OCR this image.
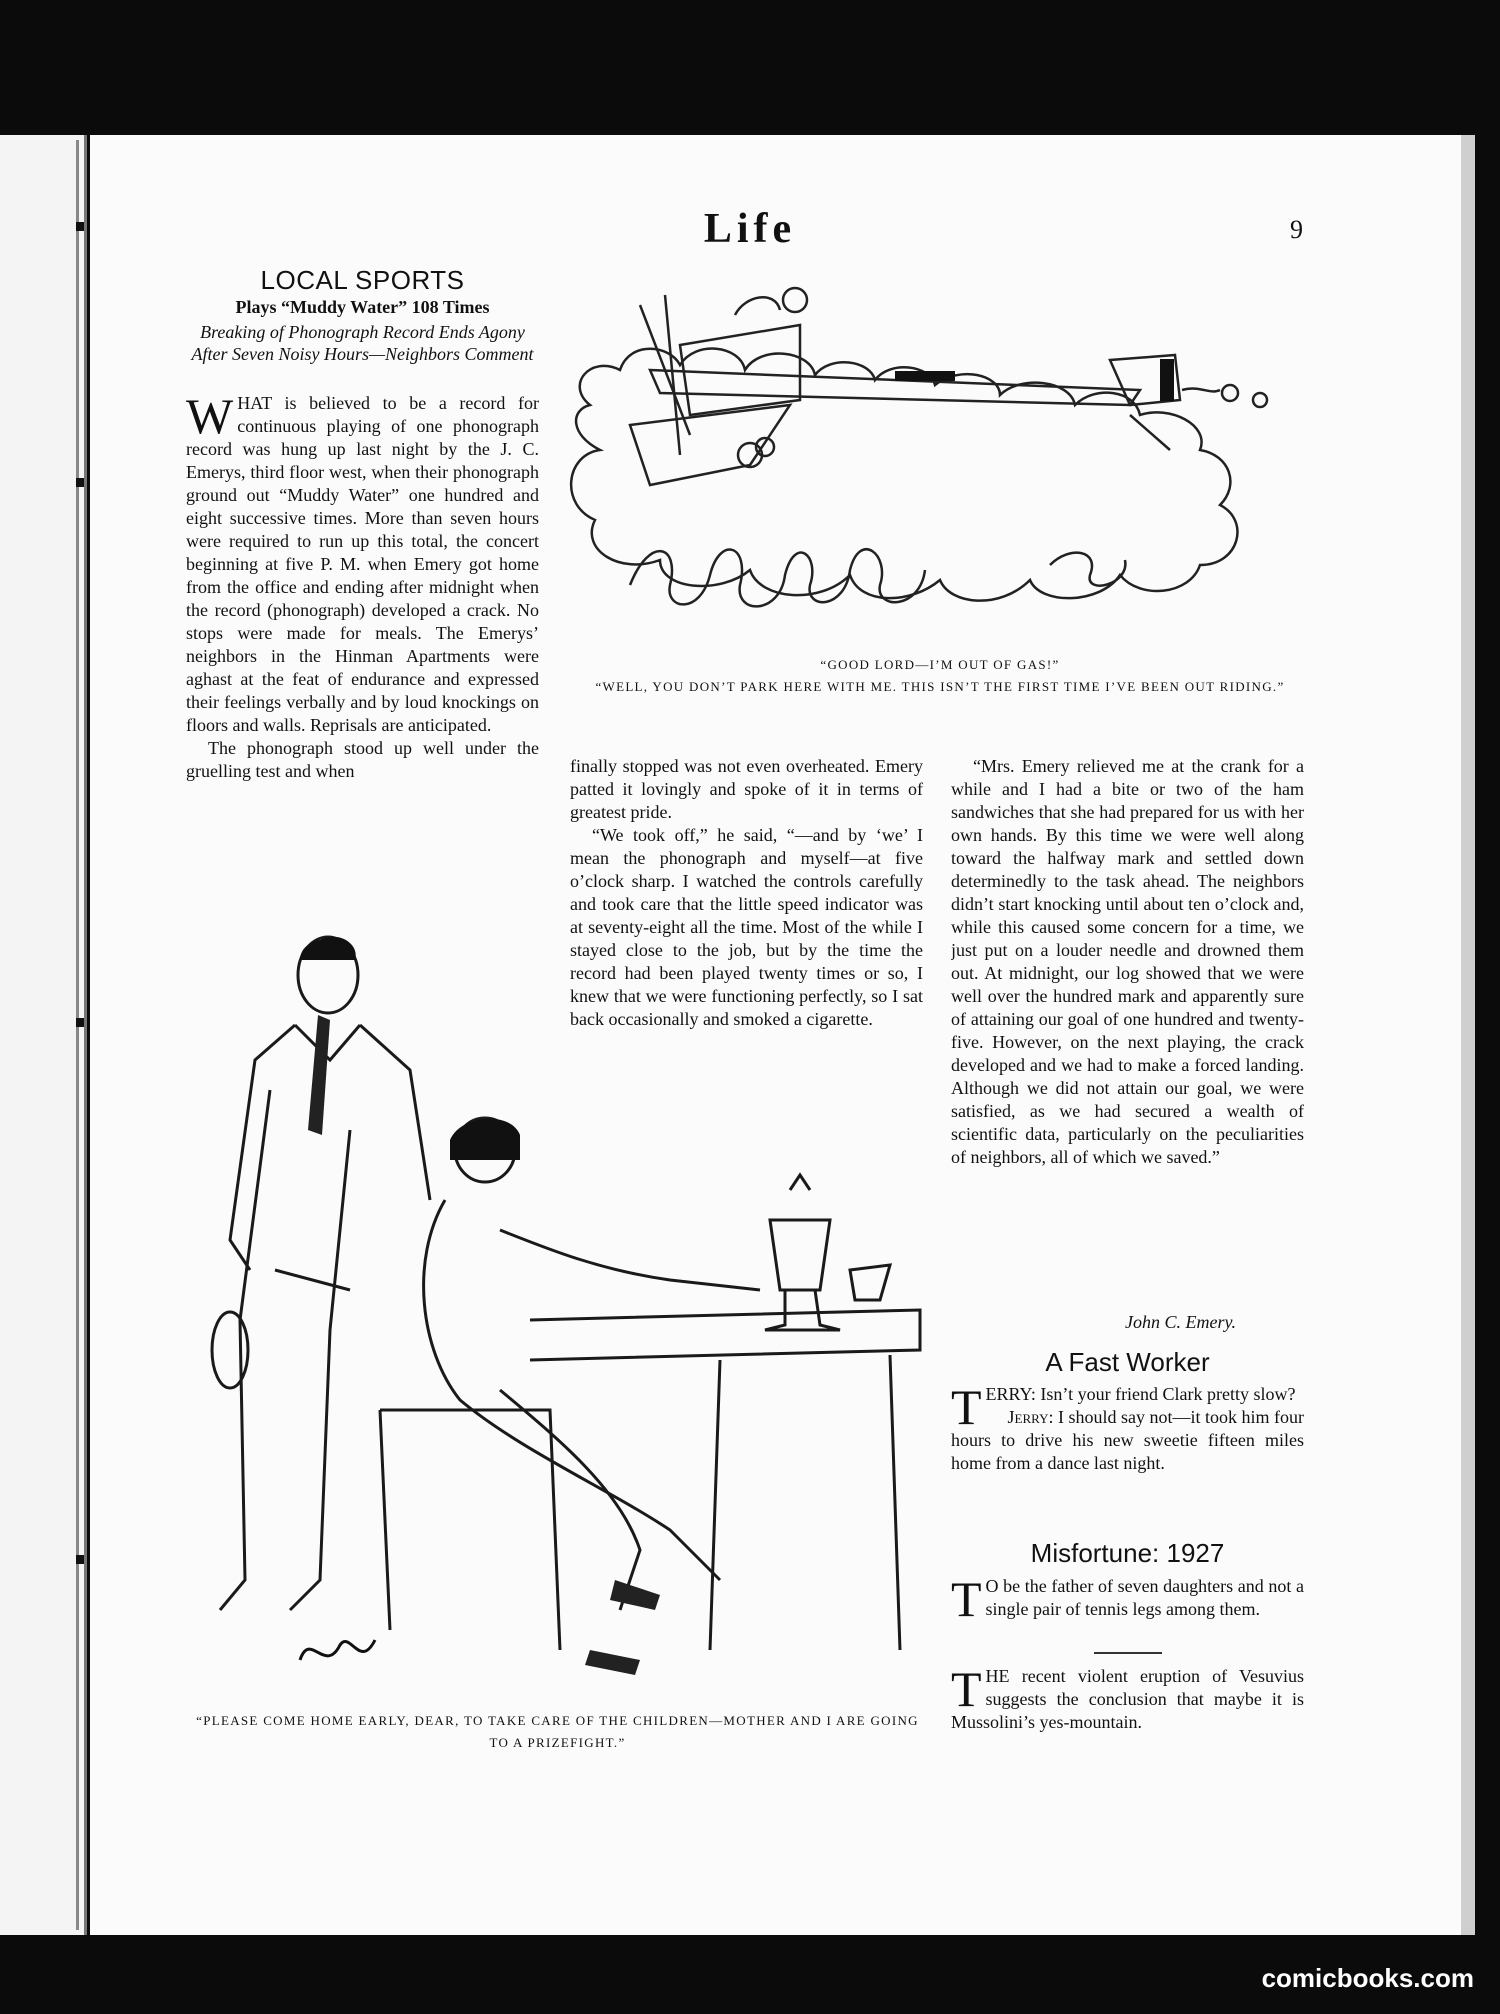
Life	9
LOCAL SPORTS
Plays “Muddy Water” 108 Times
Breaking of Phonograph Record Ends Agony After Seven Noisy Hours—Neighbors Comment

WHAT is believed to be a record for continuous playing of one phonograph record was hung up last night by the J. C. Emerys, third floor west, when their phonograph ground out “Muddy Water” one hundred and eight successive times. More than seven hours were required to run up this total, the concert beginning at five P. M. when Emery got home from the office and ending after midnight when the record (phonograph) developed a crack. No stops were made for meals. The Emerys’ neighbors in the Hinman Apartments were aghast at the feat of endurance and expressed their feelings verbally and by loud knockings on floors and walls. Reprisals are anticipated.

The phonograph stood up well under the gruelling test and when	finally stopped was not even overheated. Emery patted it lovingly and spoke of it in terms of greatest pride.

“We took off,” he said, “—and by ‘we’ I mean the phonograph and myself—at five o’clock sharp. I watched the controls carefully and took care that the little speed indicator was at seventy-eight all the time. Most of the while I stayed close to the job, but by the time the record had been played twenty times or so, I knew that we were functioning perfectly, so I sat back occasionally and smoked a cigarette.

“Mrs. Emery relieved me at the crank for a while and I had a bite or two of the ham sandwiches that she had prepared for us with her own hands. By this time we were well along toward the halfway mark and settled down determinedly to the task ahead. The neighbors didn’t start knocking until about ten o’clock and, while this caused some concern for a time, we just put on a louder needle and drowned them out. At midnight, our log showed that we were well over the hundred mark and apparently sure of attaining our goal of one hundred and twenty-five. However, on the next playing, the crack developed and we had to make a forced landing. Although we did not attain our goal, we were satisfied, as we had secured a wealth of scientific data, particularly on the peculiarities of neighbors, all of which we saved.”

John C. Emery.
“GOOD LORD—I’M OUT OF GAS!”
“WELL, YOU DON’T PARK HERE WITH ME. THIS ISN’T THE FIRST TIME I’VE BEEN OUT RIDING.”
“PLEASE COME HOME EARLY, DEAR, TO TAKE CARE OF THE CHILDREN—MOTHER AND I ARE GOING TO A PRIZEFIGHT.”
A Fast Worker

TERRY: Isn’t your friend Clark pretty slow?

Jerry: I should say not—it took him four hours to drive his new sweetie fifteen miles home from a dance last night.

Misfortune: 1927

T O be the father of seven daughters and not a single pair of tennis legs among them.

THE recent violent eruption of Vesuvius suggests the conclusion that maybe it is Mussolini’s yes-mountain.

comicbooks.com
